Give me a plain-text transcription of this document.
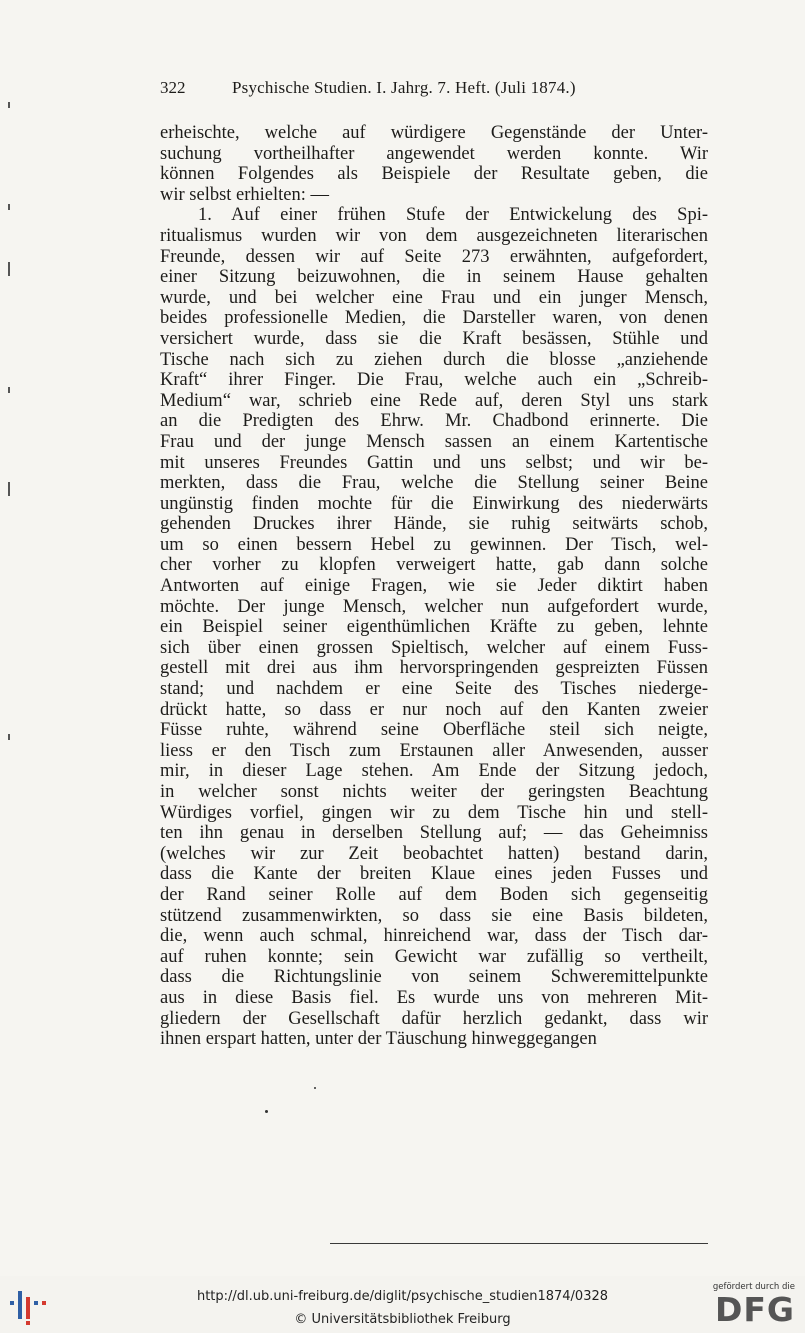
322	Psychische Studien. I. Jahrg. 7. Heft. (Juli 1874.)
erheischte, welche auf würdigere Gegenstände der Unter-
suchung vortheilhafter angewendet werden konnte. Wir
können Folgendes als Beispiele der Resultate geben, die
wir selbst erhielten: —
1. Auf einer frühen Stufe der Entwickelung des Spi-
ritualismus wurden wir von dem ausgezeichneten literarischen
Freunde, dessen wir auf Seite 273 erwähnten, aufgefordert,
einer Sitzung beizuwohnen, die in seinem Hause gehalten
wurde, und bei welcher eine Frau und ein junger Mensch,
beides professionelle Medien, die Darsteller waren, von denen
versichert wurde, dass sie die Kraft besässen, Stühle und
Tische nach sich zu ziehen durch die blosse „anziehende
Kraft“ ihrer Finger. Die Frau, welche auch ein „Schreib-
Medium“ war, schrieb eine Rede auf, deren Styl uns stark
an die Predigten des Ehrw. Mr. Chadbond erinnerte. Die
Frau und der junge Mensch sassen an einem Kartentische
mit unseres Freundes Gattin und uns selbst; und wir be-
merkten, dass die Frau, welche die Stellung seiner Beine
ungünstig finden mochte für die Einwirkung des niederwärts
gehenden Druckes ihrer Hände, sie ruhig seitwärts schob,
um so einen bessern Hebel zu gewinnen. Der Tisch, wel-
cher vorher zu klopfen verweigert hatte, gab dann solche
Antworten auf einige Fragen, wie sie Jeder diktirt haben
möchte. Der junge Mensch, welcher nun aufgefordert wurde,
ein Beispiel seiner eigenthümlichen Kräfte zu geben, lehnte
sich über einen grossen Spieltisch, welcher auf einem Fuss-
gestell mit drei aus ihm hervorspringenden gespreizten Füssen
stand; und nachdem er eine Seite des Tisches niederge-
drückt hatte, so dass er nur noch auf den Kanten zweier
Füsse ruhte, während seine Oberfläche steil sich neigte,
liess er den Tisch zum Erstaunen aller Anwesenden, ausser
mir, in dieser Lage stehen. Am Ende der Sitzung jedoch,
in welcher sonst nichts weiter der geringsten Beachtung
Würdiges vorfiel, gingen wir zu dem Tische hin und stell-
ten ihn genau in derselben Stellung auf; — das Geheimniss
(welches wir zur Zeit beobachtet hatten) bestand darin,
dass die Kante der breiten Klaue eines jeden Fusses und
der Rand seiner Rolle auf dem Boden sich gegenseitig
stützend zusammenwirkten, so dass sie eine Basis bildeten,
die, wenn auch schmal, hinreichend war, dass der Tisch dar-
auf ruhen konnte; sein Gewicht war zufällig so vertheilt,
dass die Richtungslinie von seinem Schweremittelpunkte
aus in diese Basis fiel. Es wurde uns von mehreren Mit-
gliedern der Gesellschaft dafür herzlich gedankt, dass wir
ihnen erspart hatten, unter der Täuschung hinweggegangen
http://dl.ub.uni-freiburg.de/diglit/psychische_studien1874/0328
© Universitätsbibliothek Freiburg
gefördert durch die
DFG
